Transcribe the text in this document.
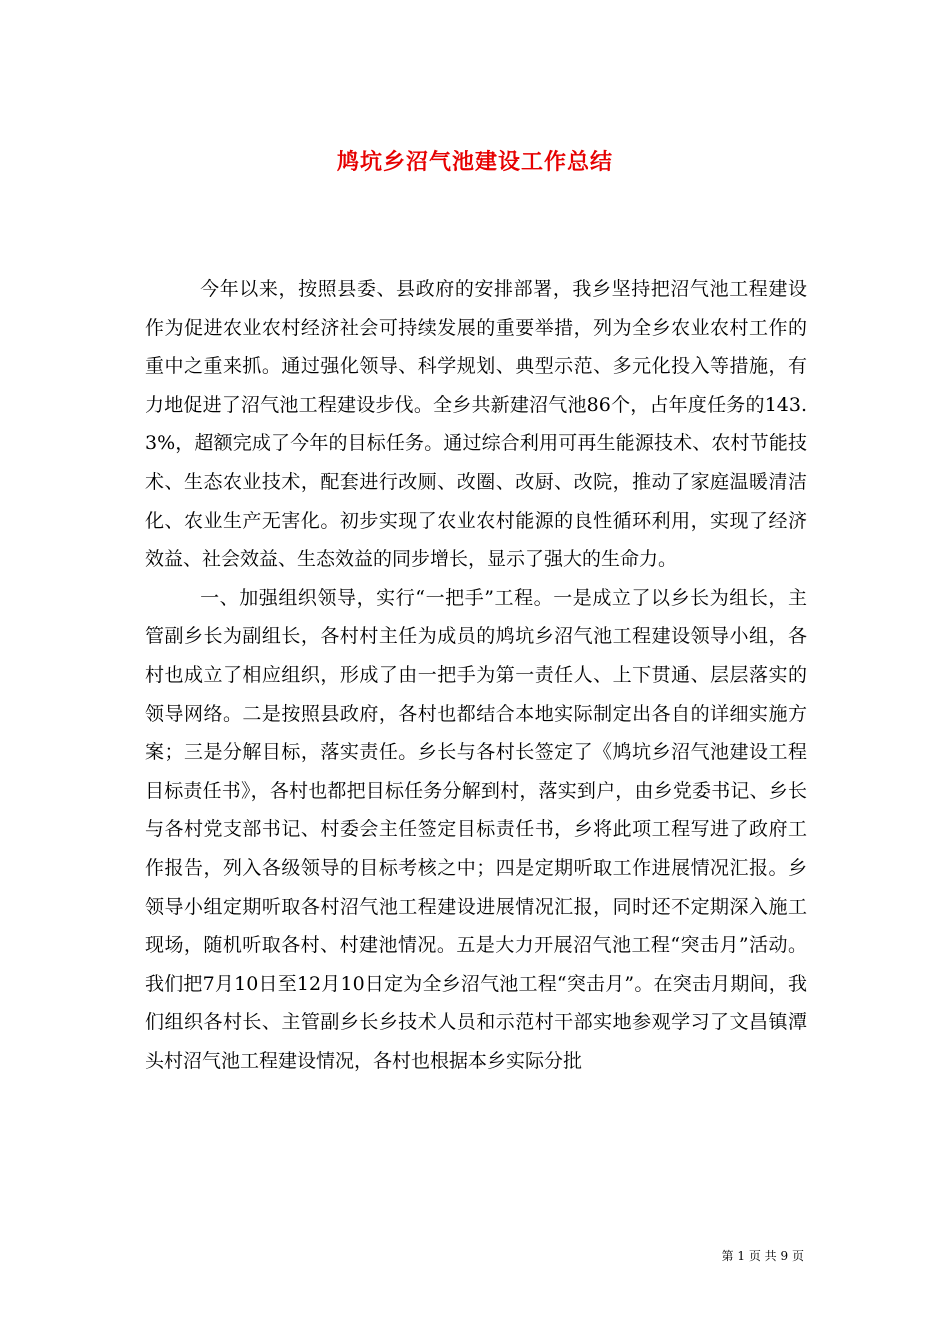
鸠坑乡沼气池建设工作总结

今年以来，按照县委、县政府的安排部署，我乡坚持把沼气池工程建设作为促进农业农村经济社会可持续发展的重要举措，列为全乡农业农村工作的重中之重来抓。通过强化领导、科学规划、典型示范、多元化投入等措施，有力地促进了沼气池工程建设步伐。全乡共新建沼气池86个，占年度任务的143.3%，超额完成了今年的目标任务。通过综合利用可再生能源技术、农村节能技术、生态农业技术，配套进行改厕、改圈、改厨、改院，推动了家庭温暖清洁化、农业生产无害化。初步实现了农业农村能源的良性循环利用，实现了经济效益、社会效益、生态效益的同步增长，显示了强大的生命力。

一、加强组织领导，实行“一把手”工程。一是成立了以乡长为组长，主管副乡长为副组长，各村村主任为成员的鸠坑乡沼气池工程建设领导小组，各村也成立了相应组织，形成了由一把手为第一责任人、上下贯通、层层落实的领导网络。二是按照县政府，各村也都结合本地实际制定出各自的详细实施方案；三是分解目标，落实责任。乡长与各村长签定了《鸠坑乡沼气池建设工程目标责任书》，各村也都把目标任务分解到村，落实到户，由乡党委书记、乡长与各村党支部书记、村委会主任签定目标责任书，乡将此项工程写进了政府工作报告，列入各级领导的目标考核之中；四是定期听取工作进展情况汇报。乡领导小组定期听取各村沼气池工程建设进展情况汇报，同时还不定期深入施工现场，随机听取各村、村建池情况。五是大力开展沼气池工程“突击月”活动。我们把7月10日至12月10日定为全乡沼气池工程“突击月”。在突击月期间，我们组织各村长、主管副乡长乡技术人员和示范村干部实地参观学习了文昌镇潭头村沼气池工程建设情况，各村也根据本乡实际分批

第 1 页 共 9 页
